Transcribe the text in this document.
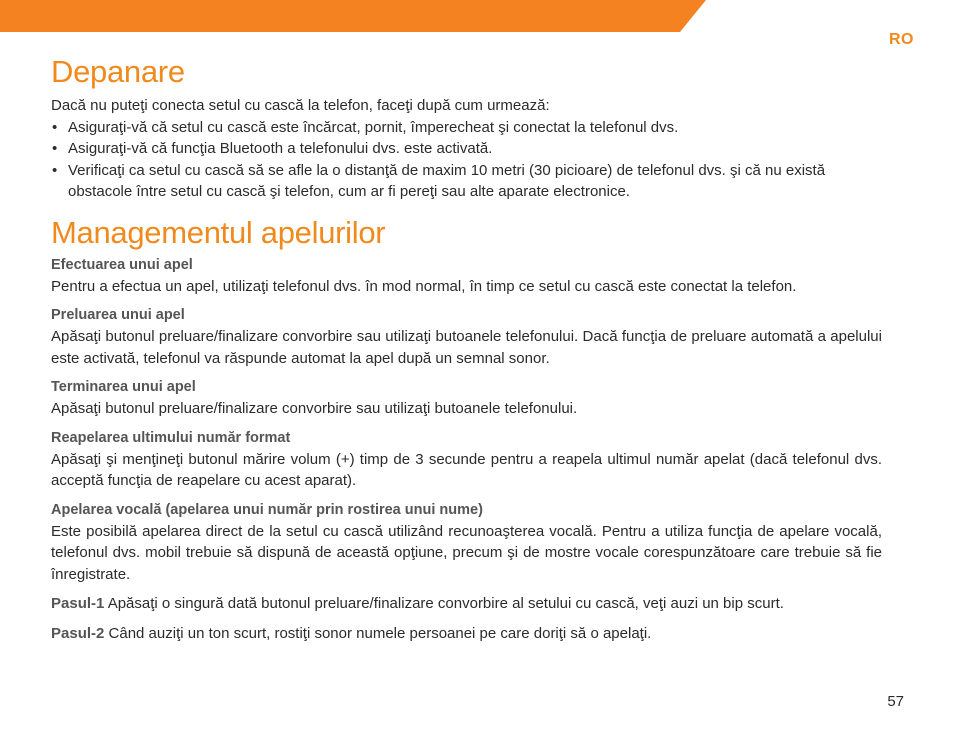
RO
Depanare

Dacă nu puteţi conecta setul cu cască la telefon, faceţi după cum urmează:

• Asiguraţi-vă că setul cu cască este încărcat, pornit, împerecheat şi conectat la telefonul dvs.
• Asiguraţi-vă că funcţia Bluetooth a telefonului dvs. este activată.
• Verificaţi ca setul cu cască să se afle la o distanţă de maxim 10 metri (30 picioare) de telefonul dvs. şi că nu există obstacole între setul cu cască şi telefon, cum ar fi pereţi sau alte aparate electronice.
Managementul apelurilor
Efectuarea unui apel

Pentru a efectua un apel, utilizaţi telefonul dvs. în mod normal, în timp ce setul cu cască este conectat la telefon.

Preluarea unui apel

Apăsaţi butonul preluare/finalizare convorbire sau utilizaţi butoanele telefonului. Dacă funcţia de preluare automată a apelului este activată, telefonul va răspunde automat la apel după un semnal sonor.

Terminarea unui apel

Apăsaţi butonul preluare/finalizare convorbire sau utilizaţi butoanele telefonului.

Reapelarea ultimului număr format

Apăsaţi şi menţineţi butonul mărire volum (+) timp de 3 secunde pentru a reapela ultimul număr apelat (dacă telefonul dvs. acceptă funcţia de reapelare cu acest aparat).

Apelarea vocală (apelarea unui număr prin rostirea unui nume)

Este posibilă apelarea direct de la setul cu cască utilizând recunoaşterea vocală. Pentru a utiliza funcţia de apelare vocală, telefonul dvs. mobil trebuie să dispună de această opţiune, precum şi de mostre vocale corespunzătoare care trebuie să fie înregistrate.

Pasul-1 Apăsaţi o singură dată butonul preluare/finalizare convorbire al setului cu cască, veţi auzi un bip scurt.

Pasul-2 Când auziţi un ton scurt, rostiţi sonor numele persoanei pe care doriţi să o apelaţi.

57
